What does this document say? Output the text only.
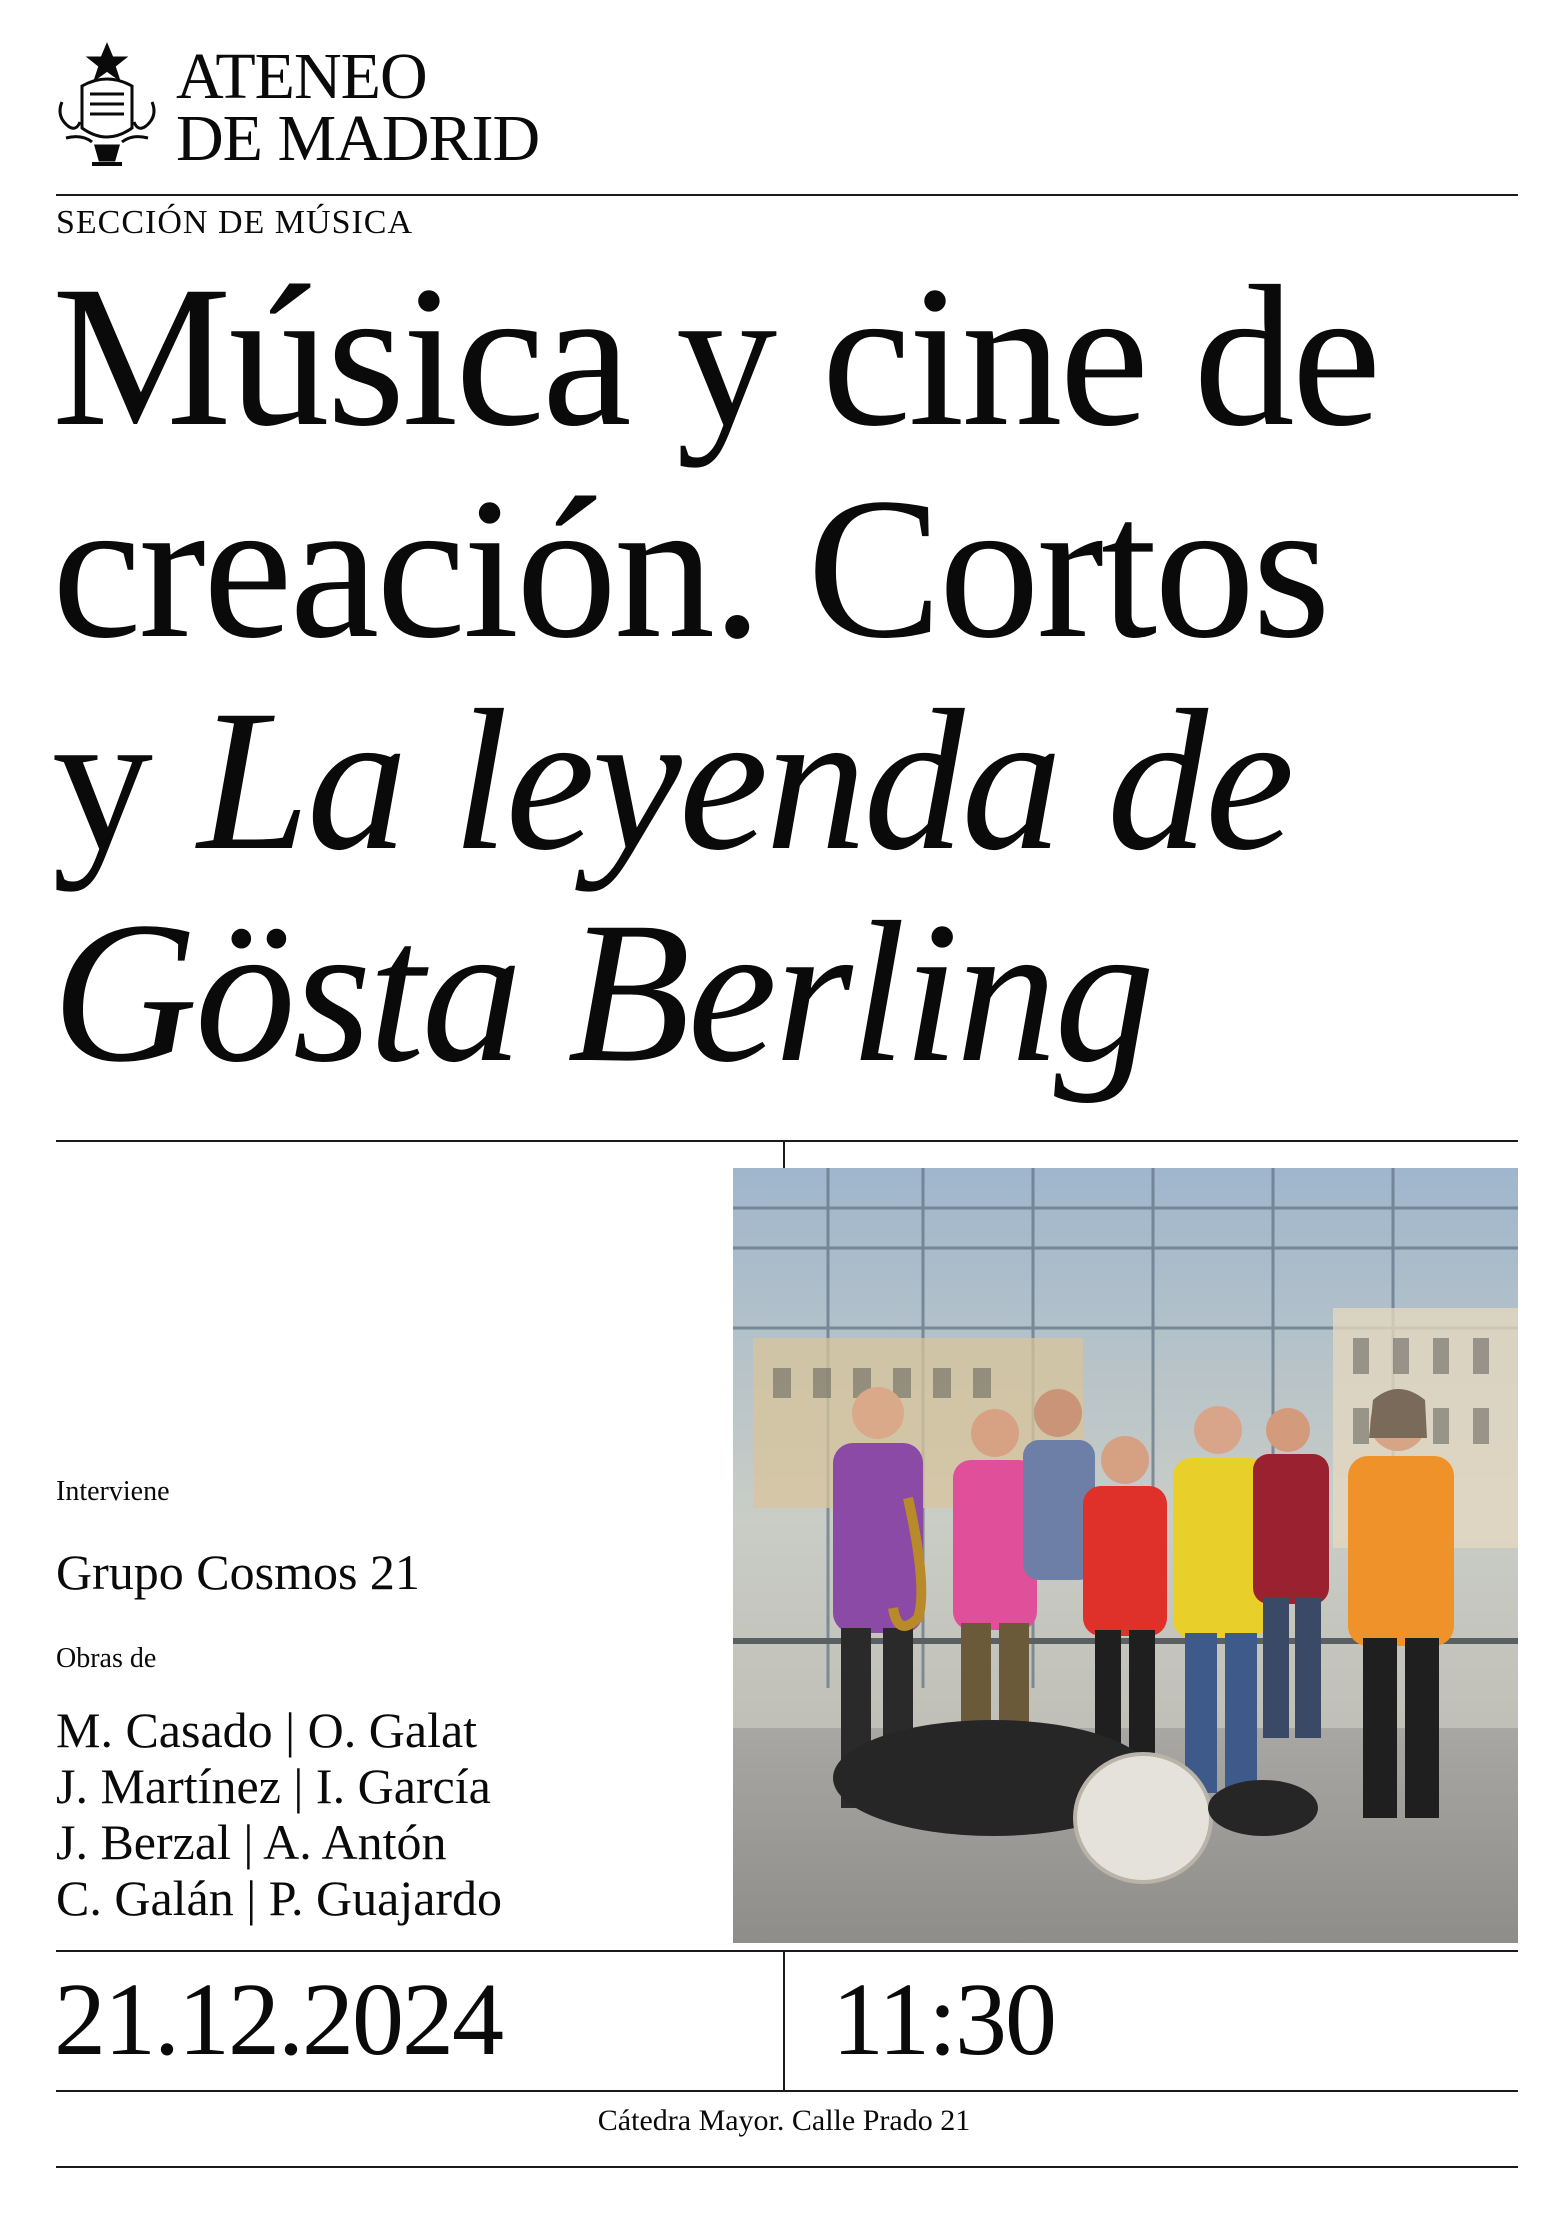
ATENEO
DE MADRID
SECCIÓN DE MÚSICA
Música y cine de
creación. Cortos
y La leyenda de
Gösta Berling
Interviene
Grupo Cosmos 21
Obras de
M. Casado | O. Galat
J. Martínez | I. García
J. Berzal | A. Antón
C. Galán | P. Guajardo
21.12.2024	11:30
Cátedra Mayor. Calle Prado 21
